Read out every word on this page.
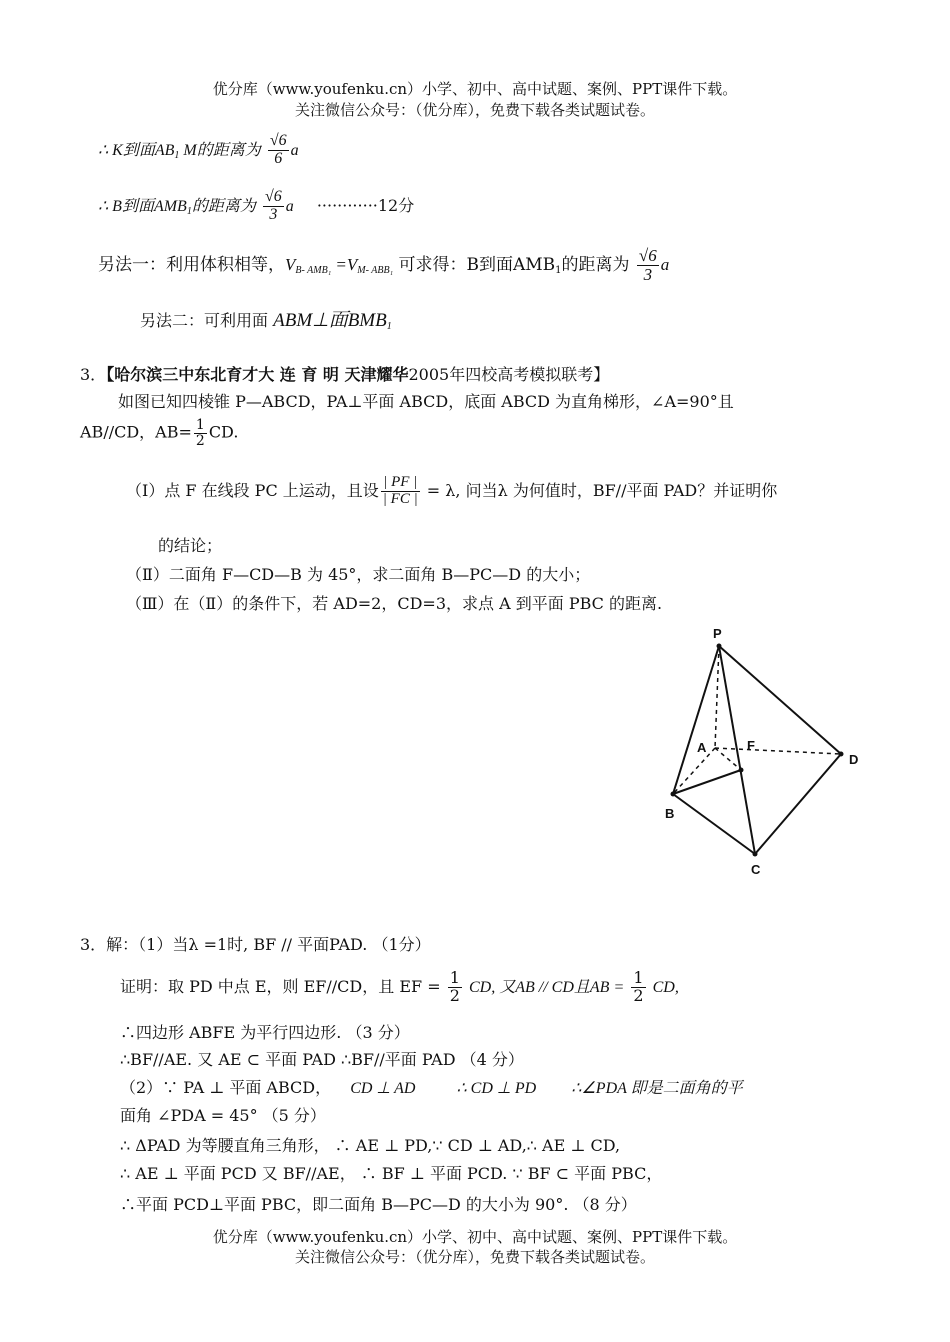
优分库（www.youfenku.cn）小学、初中、高中试题、案例、PPT课件下载。
关注微信公众号：（优分库），免费下载各类试题试卷。
∴ K到面$AB_1$ M的距离为 $\frac{√6}{6}$ a
∴ B到面$AMB_1$的距离为 $\frac{√6}{3}$ a ············12分
另法一：利用体积相等，$V_{B- AMB_1} =V_{M- ABB_1}$ 可求得：B到面$AMB_1$的距离为 $\frac{√6}{3}$ a
另法二：可利用面 ABM⊥面$BMB_1$
3．【哈尔滨三中东北育才大 连 育 明 天津耀华2005年四校高考模拟联考】
如图已知四棱锥 P—ABCD，PA⊥平面 ABCD，底面 ABCD 为直角梯形，∠A=90°且
AB//CD，$AB= \frac{1}{2}$ CD.
（I）点 F 在线段 PC 上运动，且设 $\frac{| PF |}{| FC |} = \lambda$, 问当λ 为何值时，BF//平面 PAD？并证明你
的结论；
（Ⅱ）二面角 F—CD—B 为 45°，求二面角 B—PC—D 的大小；
（Ⅲ）在（Ⅱ）的条件下，若 AD=2，CD=3，求点 A 到平面 PBC 的距离.
P
A	F
D
B
C
3．解：（1）当λ =1时, BF // 平面PAD. （1分）
证明：取 PD 中点 E，则 EF//CD，且 EF = $\frac{1}{2}$ CD, 又AB // CD且AB = $\frac{1}{2}$ CD,
∴四边形 ABFE 为平行四边形. （3 分）
∴BF//AE. 又 AE ⊂ 平面 PAD ∴BF//平面 PAD （4 分）
（2）∵ PA ⊥ 平面 ABCD， CD ⊥ AD	∴ CD ⊥ PD ∴∠PDA 即是二面角的平
面角 ∠PDA = 45° （5 分）
∴ ΔPAD 为等腰直角三角形， ∴ AE ⊥ PD,∵ CD ⊥ AD,∴ AE ⊥ CD,
∴ AE ⊥ 平面 PCD 又 BF//AE， ∴ BF ⊥ 平面 PCD. ∵ BF ⊂ 平面 PBC，
∴平面 PCD⊥平面 PBC，即二面角 B—PC—D 的大小为 90°. （8 分）
优分库（www.youfenku.cn）小学、初中、高中试题、案例、PPT课件下载。
关注微信公众号：（优分库），免费下载各类试题试卷。
